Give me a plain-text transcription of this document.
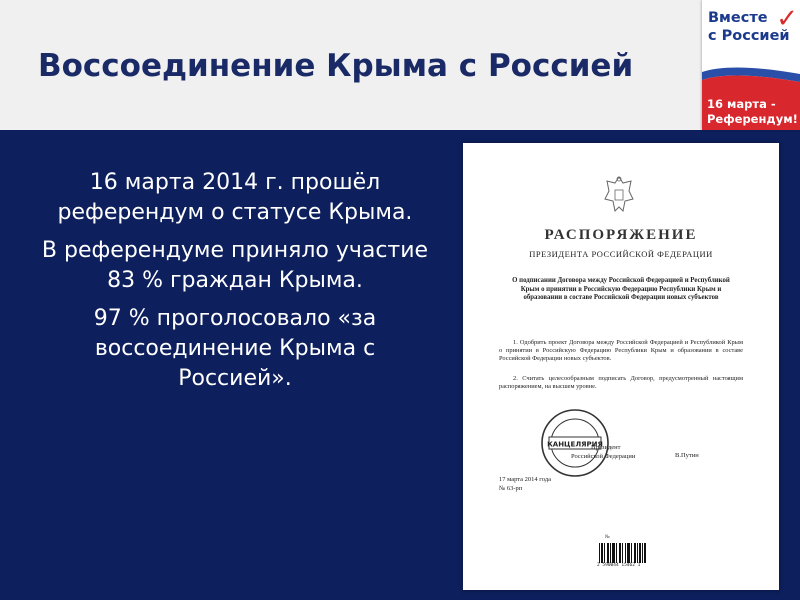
Воссоединение Крыма с Россией
Вместе
с Россией
✓
16 марта -
Референдум!

16 марта 2014 г. прошёл референдум о статусе Крыма.

В референдуме приняло участие 83 % граждан Крыма.

97 % проголосовало «за воссоединение Крыма с Россией».

РАСПОРЯЖЕНИЕ
ПРЕЗИДЕНТА РОССИЙСКОЙ ФЕДЕРАЦИИ
О подписании Договора между Российской Федерацией и Республикой Крым о принятии в Российскую Федерацию Республики Крым и образовании в составе Российской Федерации новых субъектов
1. Одобрить проект Договора между Российской Федерацией и Республикой Крым о принятии в Российскую Федерацию Республики Крым и образовании в составе Российской Федерации новых субъектов.
2. Считать целесообразным подписать Договор, предусмотренный настоящим распоряжением, на высшем уровне.
КАНЦЕЛЯРИЯ
Президент
Российской Федерации	В.Путин
17 марта 2014 года
№ 63-рп
№
2 590044 15462 1
